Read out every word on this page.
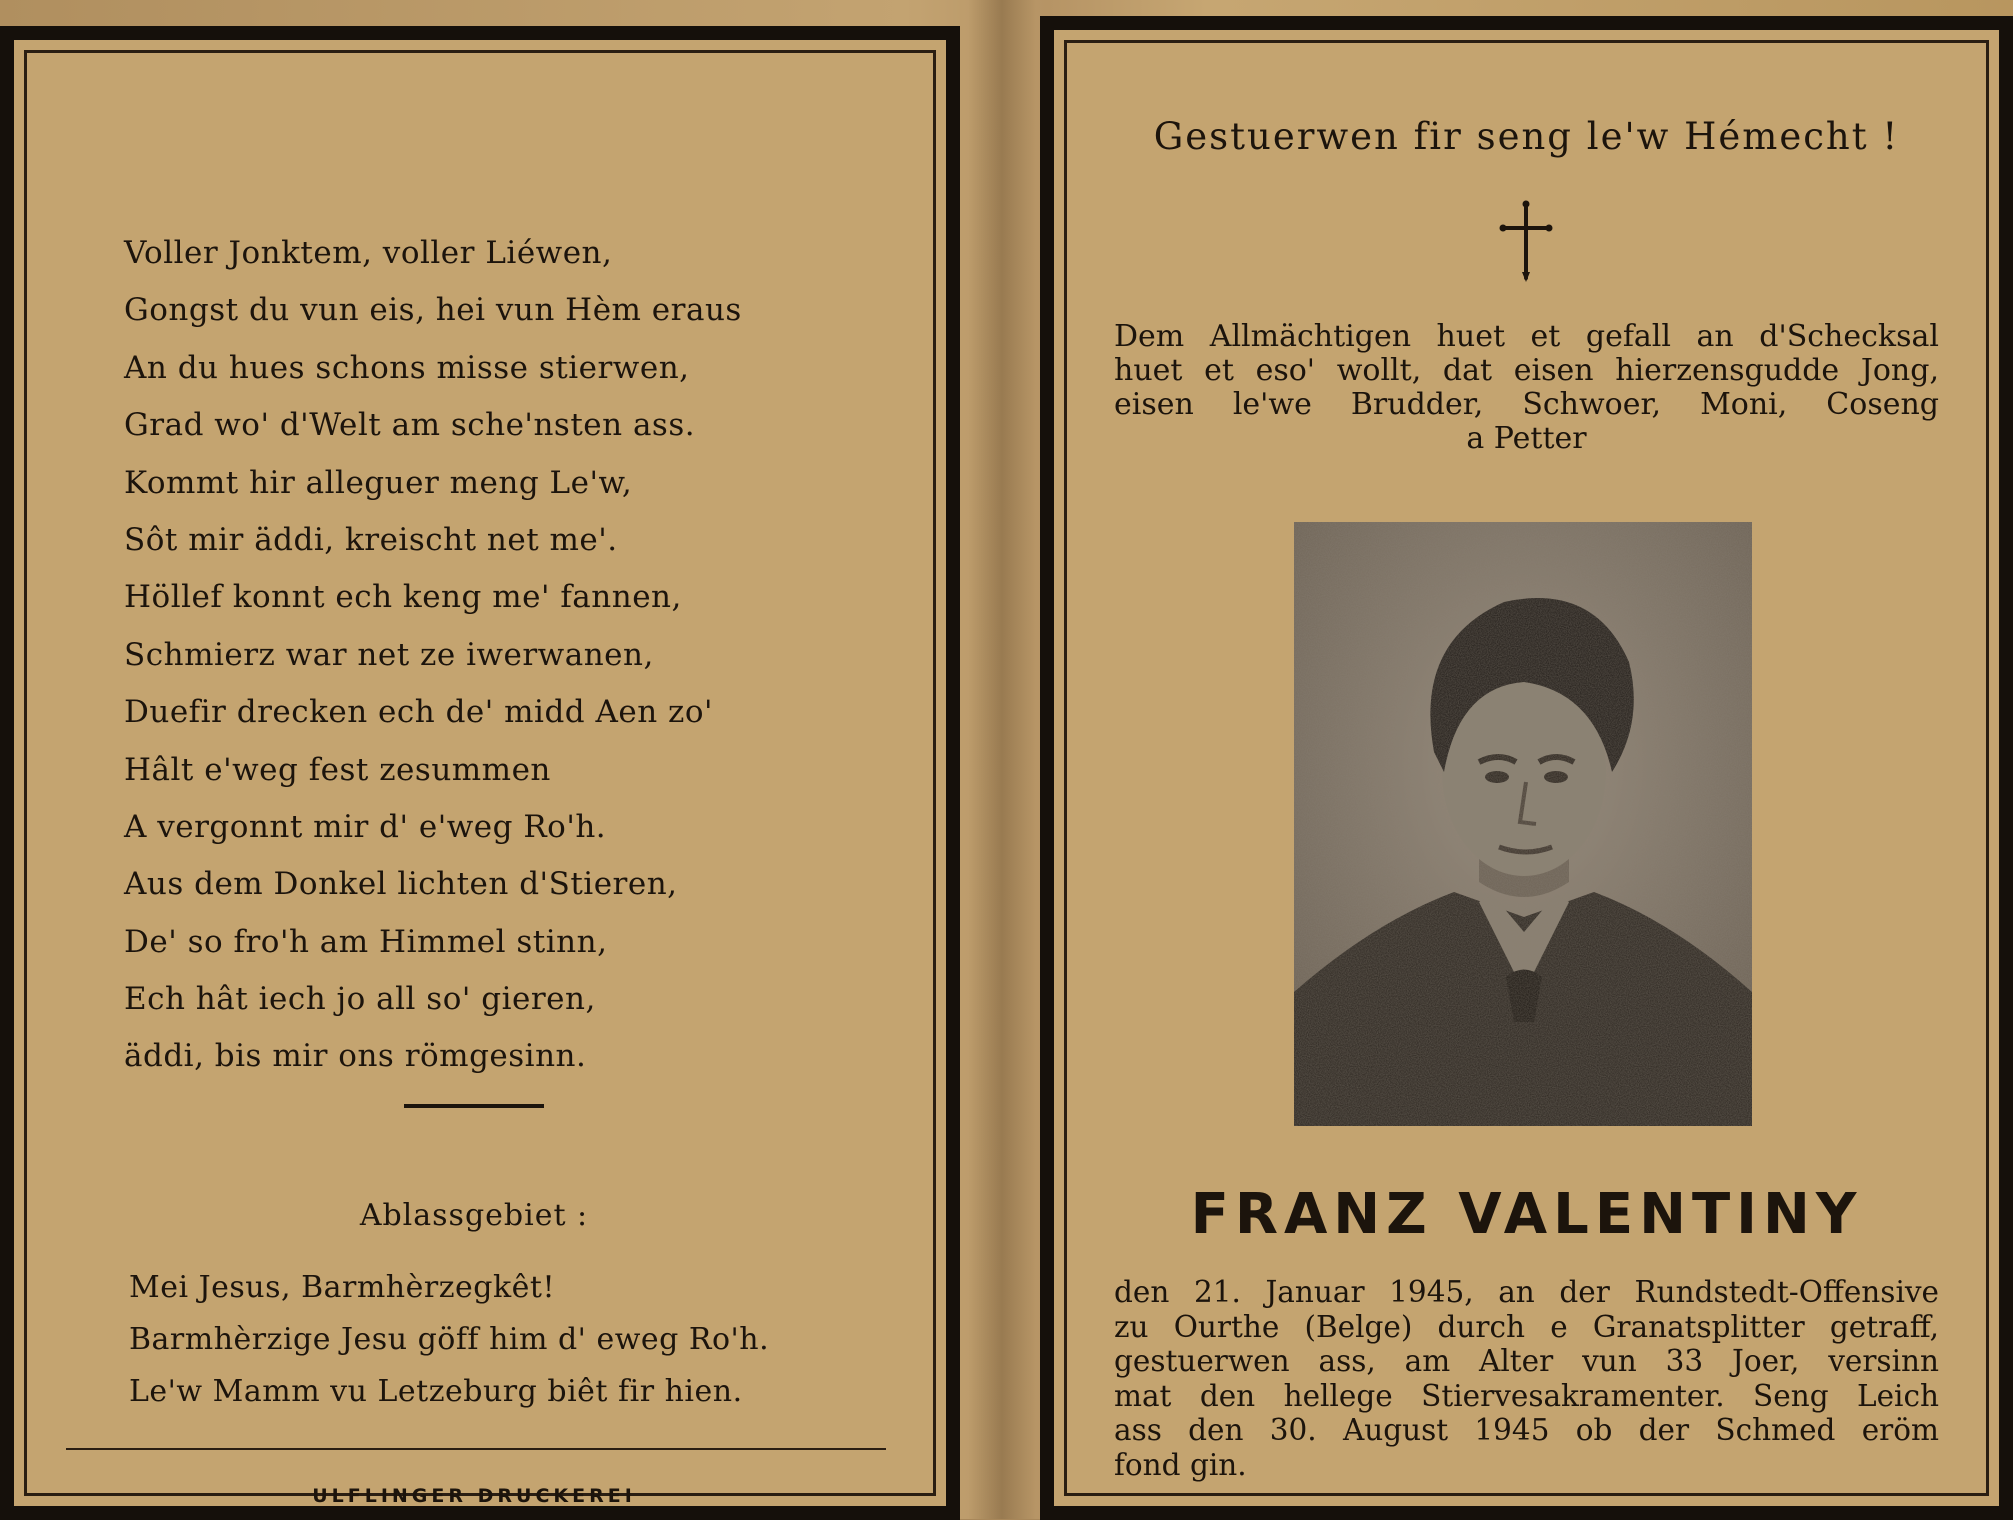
Voller Jonktem, voller Liéwen,
Gongst du vun eis, hei vun Hèm eraus
An du hues schons misse stierwen,
Grad wo' d'Welt am sche'nsten ass.
Kommt hir alleguer meng Le'w,
Sôt mir äddi, kreischt net me'.
Höllef konnt ech keng me' fannen,
Schmierz war net ze iwerwanen,
Duefir drecken ech de' midd Aen zo'
Hâlt e'weg fest zesummen
A vergonnt mir d' e'weg Ro'h.
Aus dem Donkel lichten d'Stieren,
De' so fro'h am Himmel stinn,
Ech hât iech jo all so' gieren,
äddi, bis mir ons römgesinn.
Ablassgebiet :
Mei Jesus, Barmhèrzegkêt!
Barmhèrzige Jesu göff him d' eweg Ro'h.
Le'w Mamm vu Letzeburg biêt fir hien.
ULFLINGER DRUCKEREI
Gestuerwen fir seng le'w Hémecht !
Dem Allmächtigen huet et gefall an d'Schecksal
huet et eso' wollt, dat eisen hierzensgudde Jong,
eisen le'we Brudder, Schwoer, Moni, Coseng
a Petter
FRANZ VALENTINY
den 21. Januar 1945, an der Rundstedt-Offensive
zu Ourthe (Belge) durch e Granatsplitter getraff,
gestuerwen ass, am Alter vun 33 Joer, versinn
mat den hellege Stiervesakramenter. Seng Leich
ass den 30. August 1945 ob der Schmed eröm
fond gin.
